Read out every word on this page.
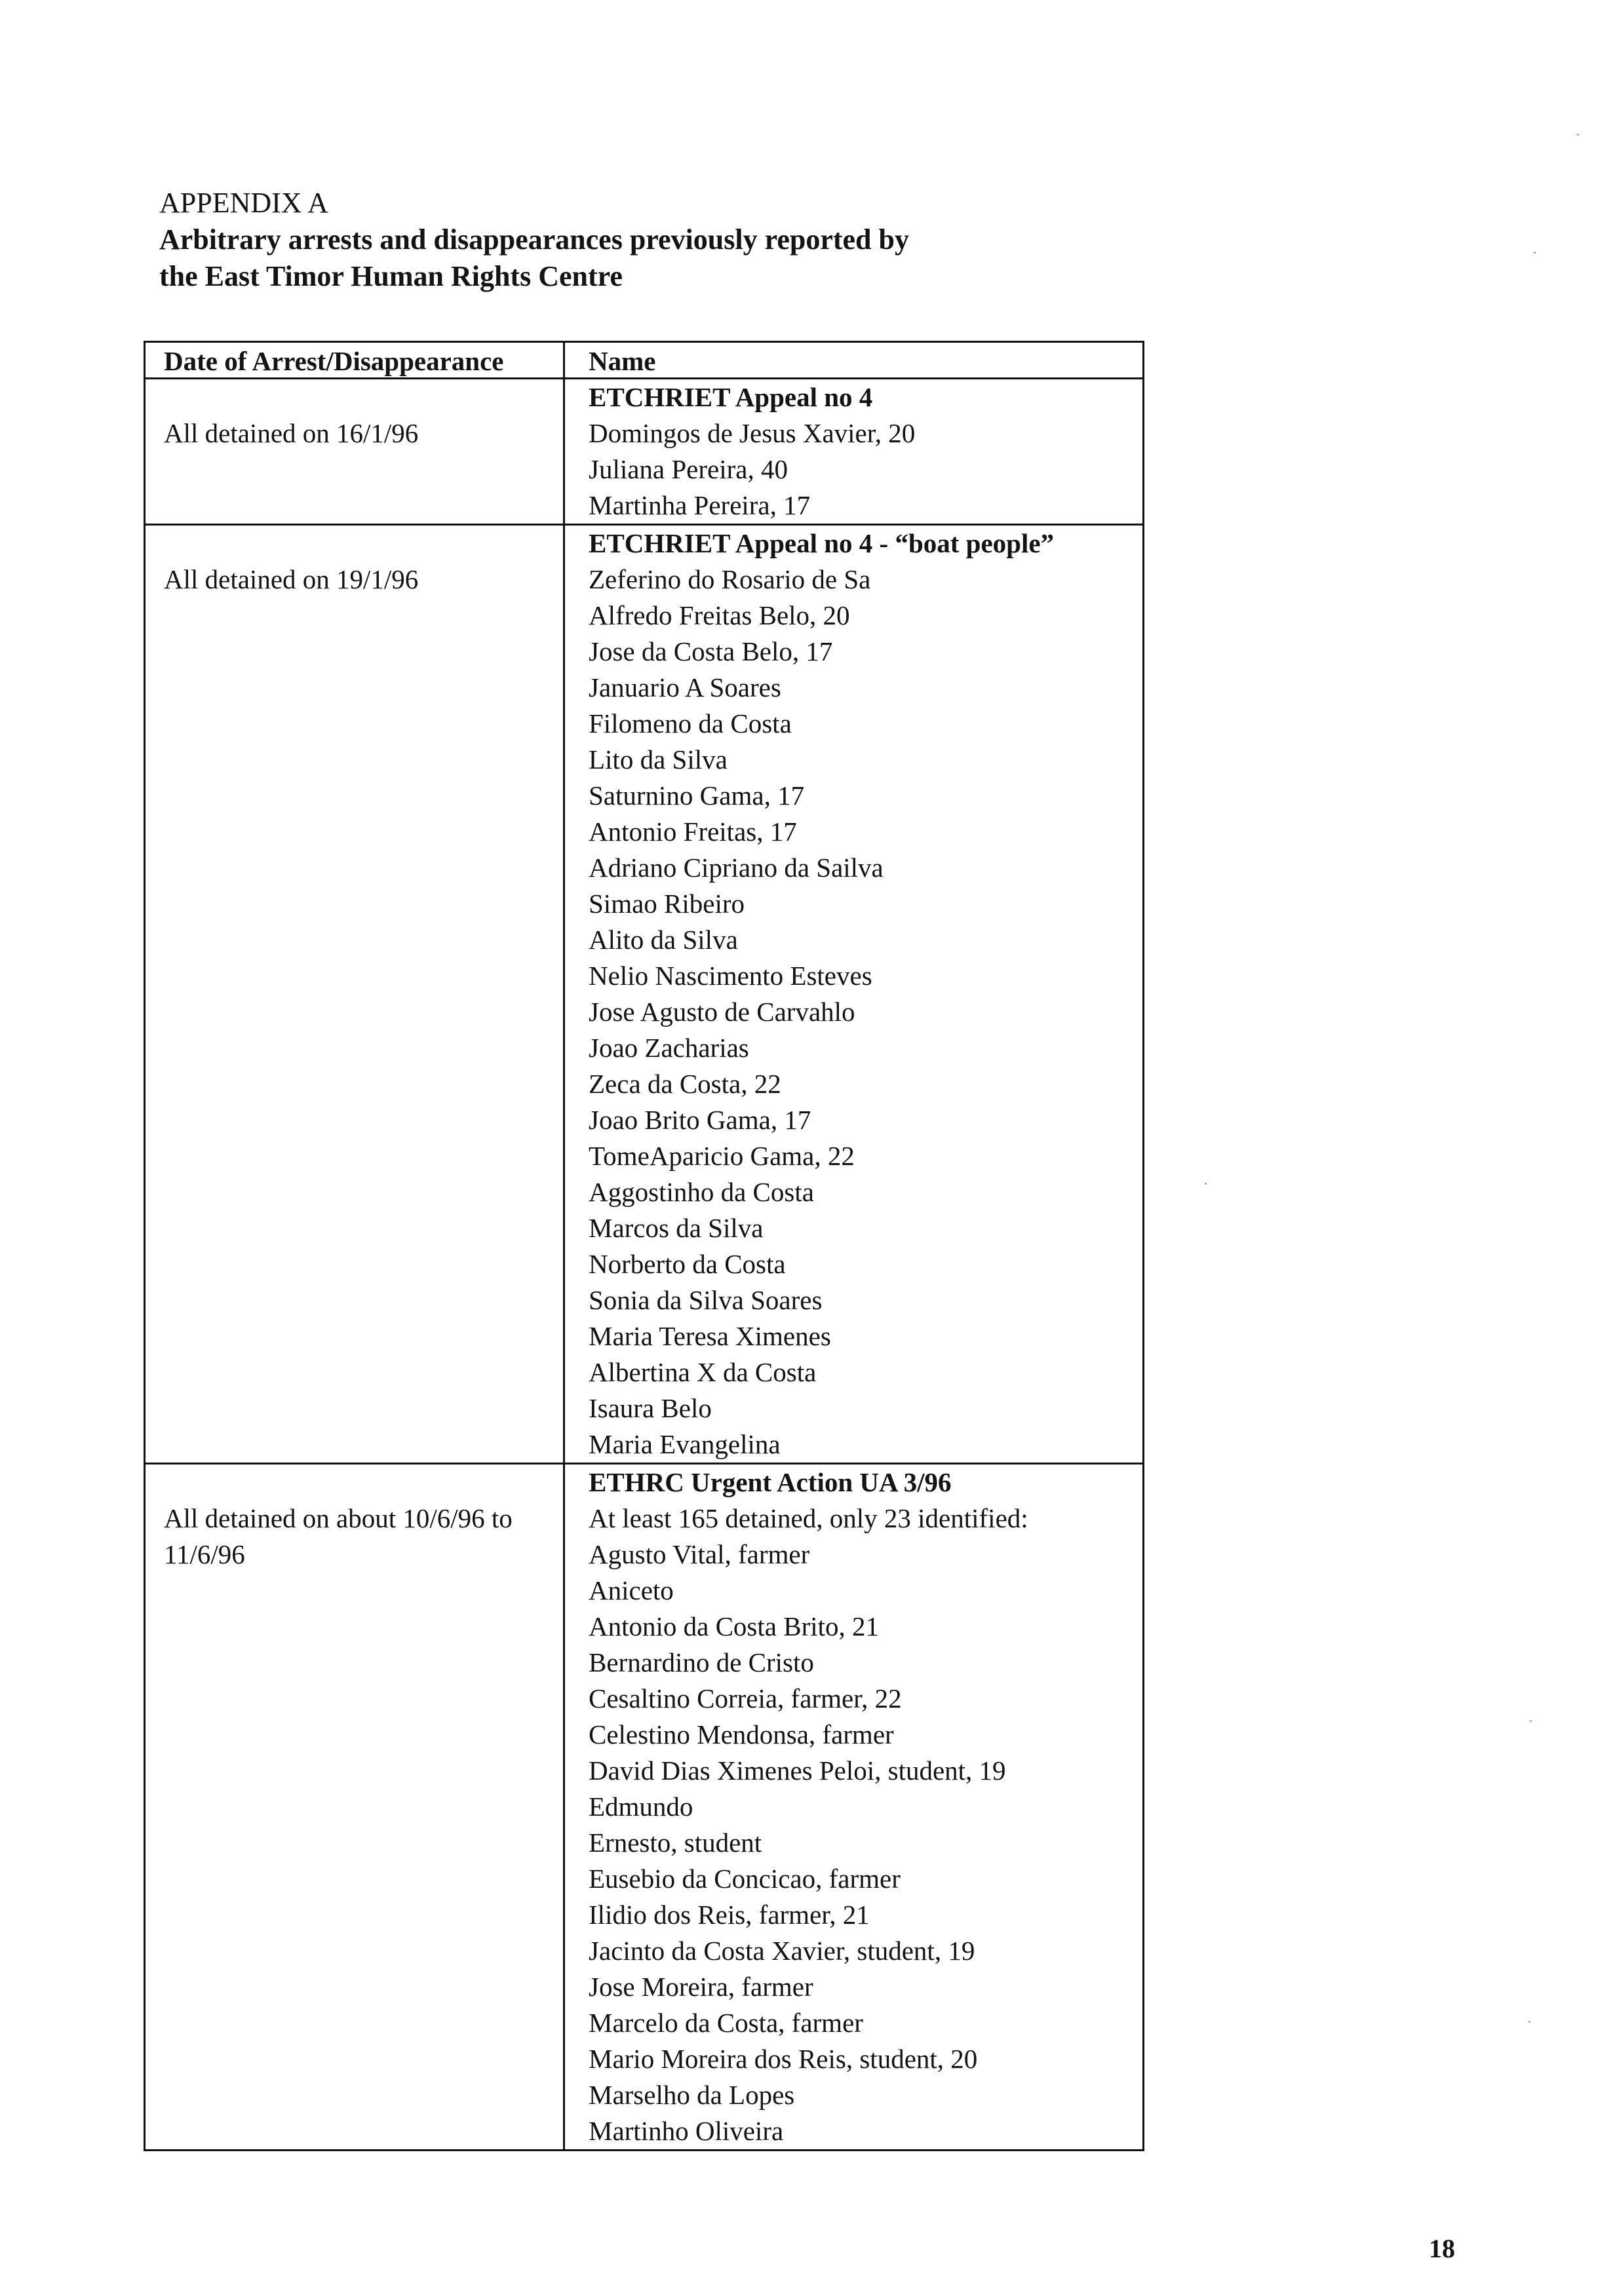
APPENDIX A
Arbitrary arrests and disappearances previously reported by
the East Timor Human Rights Centre
Date of Arrest/Disappearance	Name
All detained on 16/1/96
ETCHRIET Appeal no 4
Domingos de Jesus Xavier, 20
Juliana Pereira, 40
Martinha Pereira, 17
All detained on 19/1/96
ETCHRIET Appeal no 4 - “boat people”
Zeferino do Rosario de Sa
Alfredo Freitas Belo, 20
Jose da Costa Belo, 17
Januario A Soares
Filomeno da Costa
Lito da Silva
Saturnino Gama, 17
Antonio Freitas, 17
Adriano Cipriano da Sailva
Simao Ribeiro
Alito da Silva
Nelio Nascimento Esteves
Jose Agusto de Carvahlo
Joao Zacharias
Zeca da Costa, 22
Joao Brito Gama, 17
TomeAparicio Gama, 22
Aggostinho da Costa
Marcos da Silva
Norberto da Costa
Sonia da Silva Soares
Maria Teresa Ximenes
Albertina X da Costa
Isaura Belo
Maria Evangelina
All detained on about 10/6/96 to 11/6/96
ETHRC Urgent Action UA 3/96
At least 165 detained, only 23 identified:
Agusto Vital, farmer
Aniceto
Antonio da Costa Brito, 21
Bernardino de Cristo
Cesaltino Correia, farmer, 22
Celestino Mendonsa, farmer
David Dias Ximenes Peloi, student, 19
Edmundo
Ernesto, student
Eusebio da Concicao, farmer
Ilidio dos Reis, farmer, 21
Jacinto da Costa Xavier, student, 19
Jose Moreira, farmer
Marcelo da Costa, farmer
Mario Moreira dos Reis, student, 20
Marselho da Lopes
Martinho Oliveira
18
